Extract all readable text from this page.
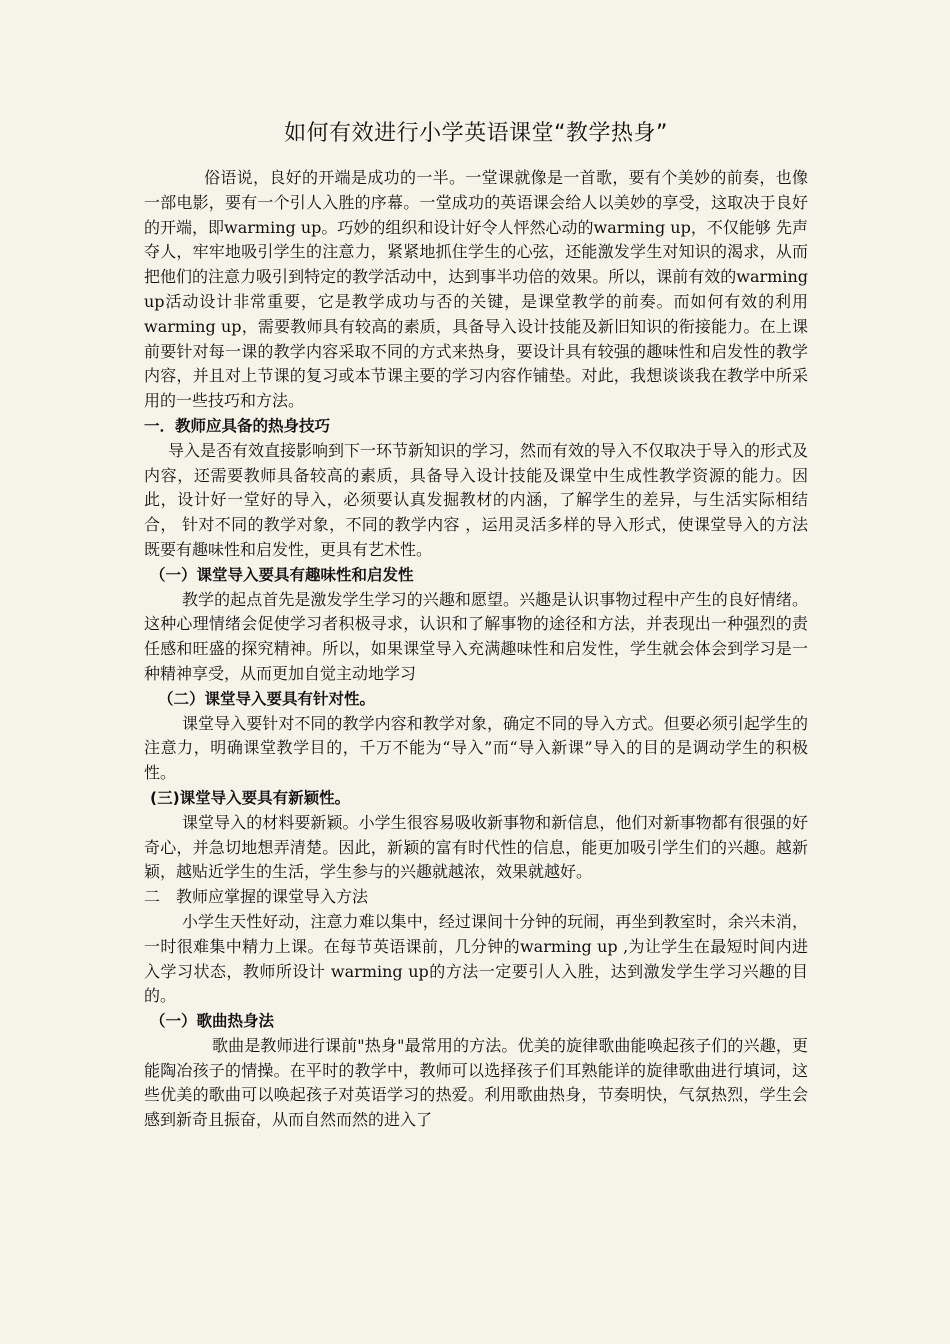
如何有效进行小学英语课堂“教学热身”

俗语说，良好的开端是成功的一半。一堂课就像是一首歌，要有个美妙的前奏，也像一部电影，要有一个引人入胜的序幕。一堂成功的英语课会给人以美妙的享受，这取决于良好的开端，即warming up。巧妙的组织和设计好令人怦然心动的warming up，不仅能够 先声夺人，牢牢地吸引学生的注意力，紧紧地抓住学生的心弦，还能激发学生对知识的渴求，从而把他们的注意力吸引到特定的教学活动中，达到事半功倍的效果。所以，课前有效的warming up活动设计非常重要，它是教学成功与否的关键，是课堂教学的前奏。而如何有效的利用warming up，需要教师具有较高的素质，具备导入设计技能及新旧知识的衔接能力。在上课前要针对每一课的教学内容采取不同的方式来热身，要设计具有较强的趣味性和启发性的教学内容，并且对上节课的复习或本节课主要的学习内容作铺垫。对此，我想谈谈我在教学中所采用的一些技巧和方法。

一．教师应具备的热身技巧

导入是否有效直接影响到下一环节新知识的学习，然而有效的导入不仅取决于导入的形式及内容，还需要教师具备较高的素质，具备导入设计技能及课堂中生成性教学资源的能力。因此，设计好一堂好的导入，必须要认真发掘教材的内涵，了解学生的差异，与生活实际相结合， 针对不同的教学对象，不同的教学内容 ，运用灵活多样的导入形式，使课堂导入的方法既要有趣味性和启发性，更具有艺术性。

（一）课堂导入要具有趣味性和启发性

教学的起点首先是激发学生学习的兴趣和愿望。兴趣是认识事物过程中产生的良好情绪。这种心理情绪会促使学习者积极寻求，认识和了解事物的途径和方法，并表现出一种强烈的责任感和旺盛的探究精神。所以，如果课堂导入充满趣味性和启发性，学生就会体会到学习是一种精神享受，从而更加自觉主动地学习

（二）课堂导入要具有针对性。

课堂导入要针对不同的教学内容和教学对象，确定不同的导入方式。但要必须引起学生的注意力，明确课堂教学目的，千万不能为“导入”而“导入新课”导入的目的是调动学生的积极性。

(三)课堂导入要具有新颖性。

课堂导入的材料要新颖。小学生很容易吸收新事物和新信息，他们对新事物都有很强的好奇心，并急切地想弄清楚。因此，新颖的富有时代性的信息，能更加吸引学生们的兴趣。越新颖，越贴近学生的生活，学生参与的兴趣就越浓，效果就越好。

二　教师应掌握的课堂导入方法

小学生天性好动，注意力难以集中，经过课间十分钟的玩闹，再坐到教室时，余兴未消，一时很难集中精力上课。在每节英语课前，几分钟的warming up ,为让学生在最短时间内进入学习状态，教师所设计 warming up的方法一定要引人入胜，达到激发学生学习兴趣的目的。

（一）歌曲热身法

歌曲是教师进行课前"热身"最常用的方法。优美的旋律歌曲能唤起孩子们的兴趣，更能陶冶孩子的情操。在平时的教学中，教师可以选择孩子们耳熟能详的旋律歌曲进行填词，这些优美的歌曲可以唤起孩子对英语学习的热爱。利用歌曲热身，节奏明快，气氛热烈，学生会感到新奇且振奋，从而自然而然的进入了
